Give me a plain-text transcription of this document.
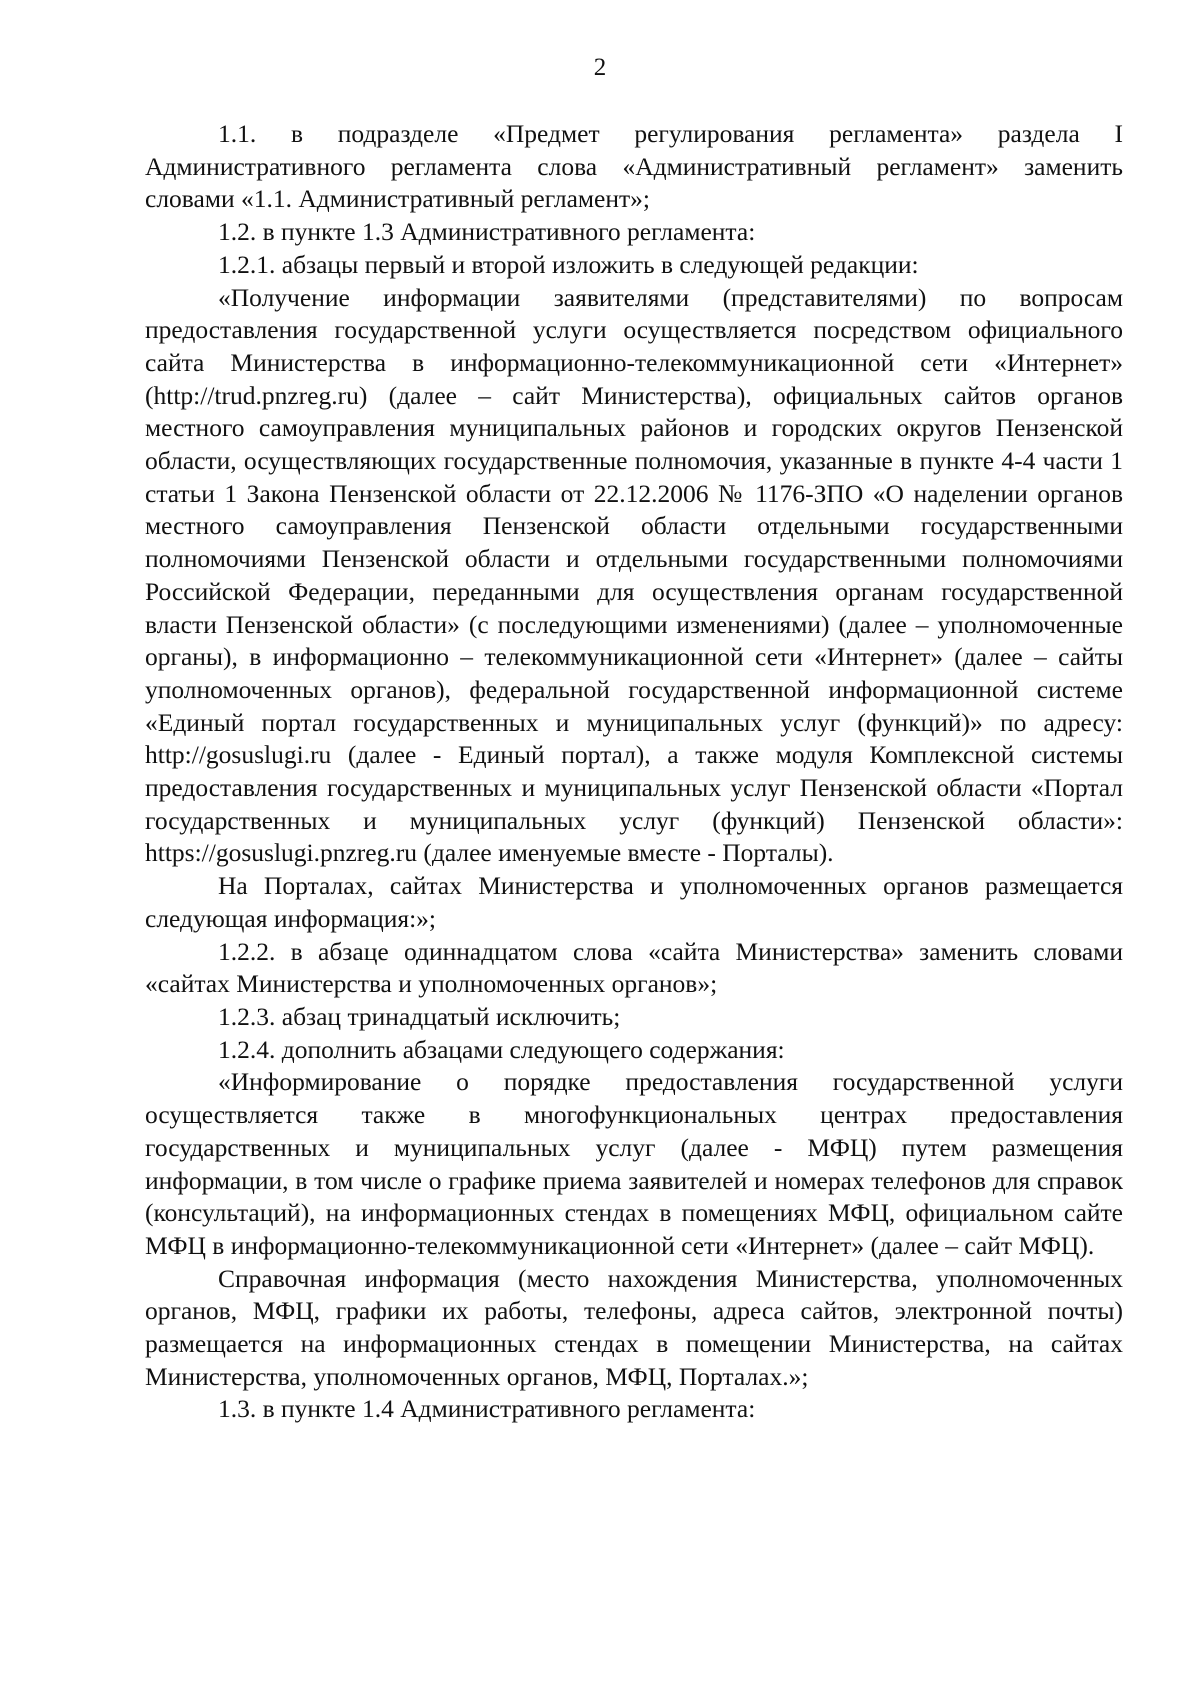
2

1.1. в подразделе «Предмет регулирования регламента» раздела I Административного регламента слова «Административный регламент» заменить словами «1.1. Административный регламент»;

1.2. в пункте 1.3 Административного регламента:

1.2.1. абзацы первый и второй изложить в следующей редакции:

«Получение информации заявителями (представителями) по вопросам предоставления государственной услуги осуществляется посредством официального сайта Министерства в информационно-телекоммуникационной сети «Интернет» (http://trud.pnzreg.ru) (далее – сайт Министерства), официальных сайтов органов местного самоуправления муниципальных районов и городских округов Пензенской области, осуществляющих государственные полномочия, указанные в пункте 4-4 части 1 статьи 1 Закона Пензенской области от 22.12.2006 № 1176-ЗПО «О наделении органов местного самоуправления Пензенской области отдельными государственными полномочиями Пензенской области и отдельными государственными полномочиями Российской Федерации, переданными для осуществления органам государственной власти Пензенской области» (с последующими изменениями) (далее – уполномоченные органы), в информационно – телекоммуникационной сети «Интернет» (далее – сайты уполномоченных органов), федеральной государственной информационной системе «Единый портал государственных и муниципальных услуг (функций)» по адресу: http://gosuslugi.ru (далее - Единый портал), а также модуля Комплексной системы предоставления государственных и муниципальных услуг Пензенской области «Портал государственных и муниципальных услуг (функций) Пензенской области»: https://gosuslugi.pnzreg.ru (далее именуемые вместе - Порталы).

На Порталах, сайтах Министерства и уполномоченных органов размещается следующая информация:»;

1.2.2. в абзаце одиннадцатом слова «сайта Министерства» заменить словами «сайтах Министерства и уполномоченных органов»;

1.2.3. абзац тринадцатый исключить;

1.2.4. дополнить абзацами следующего содержания:

«Информирование о порядке предоставления государственной услуги осуществляется также в многофункциональных центрах предоставления государственных и муниципальных услуг (далее - МФЦ) путем размещения информации, в том числе о графике приема заявителей и номерах телефонов для справок (консультаций), на информационных стендах в помещениях МФЦ, официальном сайте МФЦ в информационно-телекоммуникационной сети «Интернет» (далее – сайт МФЦ).

Справочная информация (место нахождения Министерства, уполномоченных органов, МФЦ, графики их работы, телефоны, адреса сайтов, электронной почты) размещается на информационных стендах в помещении Министерства, на сайтах Министерства, уполномоченных органов, МФЦ, Порталах.»;

1.3. в пункте 1.4 Административного регламента:
